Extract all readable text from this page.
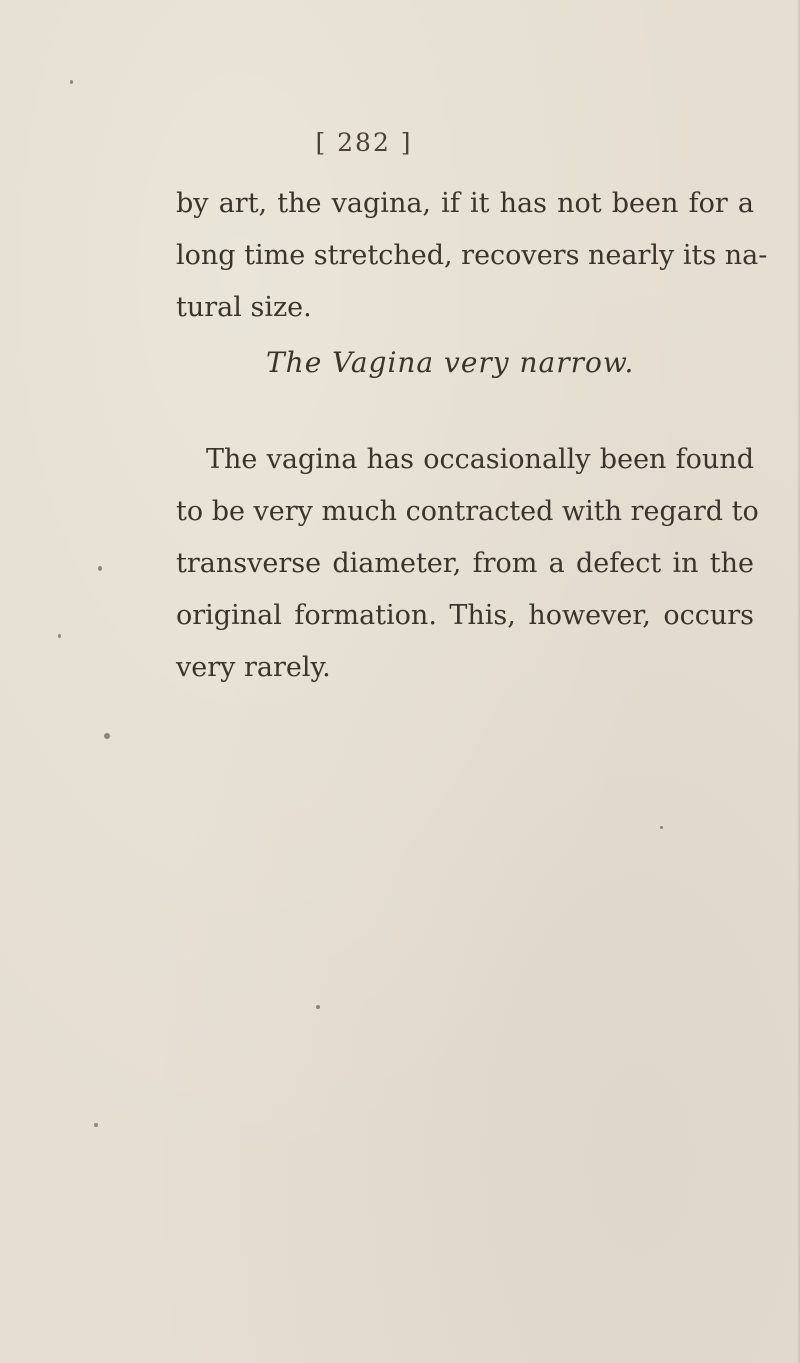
[ 282 ]
by art, the vagina, if it has not been for a
long time stretched, recovers nearly its na-
tural size.
The Vagina very narrow.
The vagina has occasionally been found
to be very much contracted with regard to
transverse diameter, from a defect in the
original formation. This, however, occurs
very rarely.
